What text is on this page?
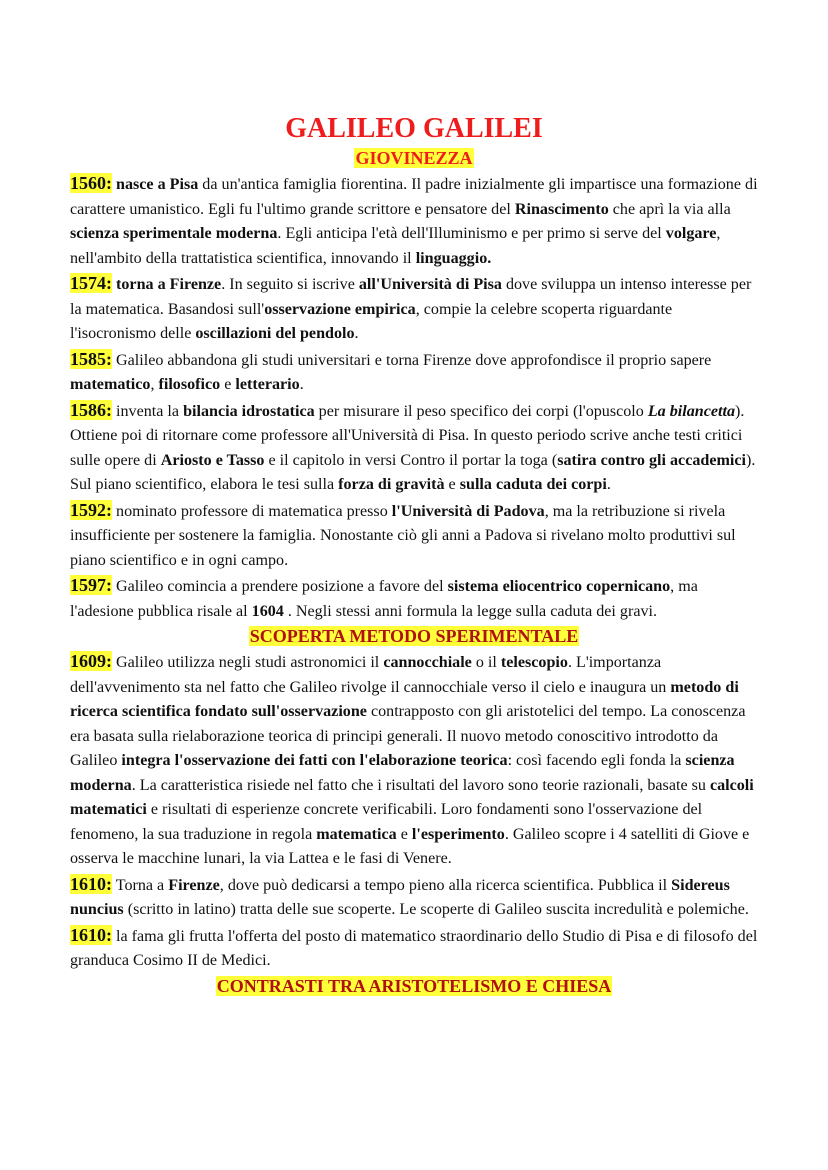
GALILEO GALILEI

GIOVINEZZA

1560: nasce a Pisa da un'antica famiglia fiorentina. Il padre inizialmente gli impartisce una formazione di carattere umanistico. Egli fu l'ultimo grande scrittore e pensatore del Rinascimento che aprì la via alla scienza sperimentale moderna. Egli anticipa l'età dell'Illuminismo e per primo si serve del volgare, nell'ambito della trattatistica scientifica, innovando il linguaggio.

1574: torna a Firenze. In seguito si iscrive all'Università di Pisa dove sviluppa un intenso interesse per la matematica. Basandosi sull'osservazione empirica, compie la celebre scoperta riguardante l'isocronismo delle oscillazioni del pendolo.

1585: Galileo abbandona gli studi universitari e torna Firenze dove approfondisce il proprio sapere matematico, filosofico e letterario.

1586: inventa la bilancia idrostatica per misurare il peso specifico dei corpi (l'opuscolo La bilancetta). Ottiene poi di ritornare come professore all'Università di Pisa. In questo periodo scrive anche testi critici sulle opere di Ariosto e Tasso e il capitolo in versi Contro il portar la toga (satira contro gli accademici). Sul piano scientifico, elabora le tesi sulla forza di gravità e sulla caduta dei corpi.

1592: nominato professore di matematica presso l'Università di Padova, ma la retribuzione si rivela insufficiente per sostenere la famiglia. Nonostante ciò gli anni a Padova si rivelano molto produttivi sul piano scientifico e in ogni campo.

1597: Galileo comincia a prendere posizione a favore del sistema eliocentrico copernicano, ma l'adesione pubblica risale al 1604 . Negli stessi anni formula la legge sulla caduta dei gravi.

SCOPERTA METODO SPERIMENTALE

1609: Galileo utilizza negli studi astronomici il cannocchiale o il telescopio. L'importanza dell'avvenimento sta nel fatto che Galileo rivolge il cannocchiale verso il cielo e inaugura un metodo di ricerca scientifica fondato sull'osservazione contrapposto con gli aristotelici del tempo. La conoscenza era basata sulla rielaborazione teorica di principi generali. Il nuovo metodo conoscitivo introdotto da Galileo integra l'osservazione dei fatti con l'elaborazione teorica: così facendo egli fonda la scienza moderna. La caratteristica risiede nel fatto che i risultati del lavoro sono teorie razionali, basate su calcoli matematici e risultati di esperienze concrete verificabili. Loro fondamenti sono l'osservazione del fenomeno, la sua traduzione in regola matematica e l'esperimento. Galileo scopre i 4 satelliti di Giove e osserva le macchine lunari, la via Lattea e le fasi di Venere.

1610: Torna a Firenze, dove può dedicarsi a tempo pieno alla ricerca scientifica. Pubblica il Sidereus nuncius (scritto in latino) tratta delle sue scoperte. Le scoperte di Galileo suscita incredulità e polemiche.

1610: la fama gli frutta l'offerta del posto di matematico straordinario dello Studio di Pisa e di filosofo del granduca Cosimo II de Medici.

CONTRASTI TRA ARISTOTELISMO E CHIESA
